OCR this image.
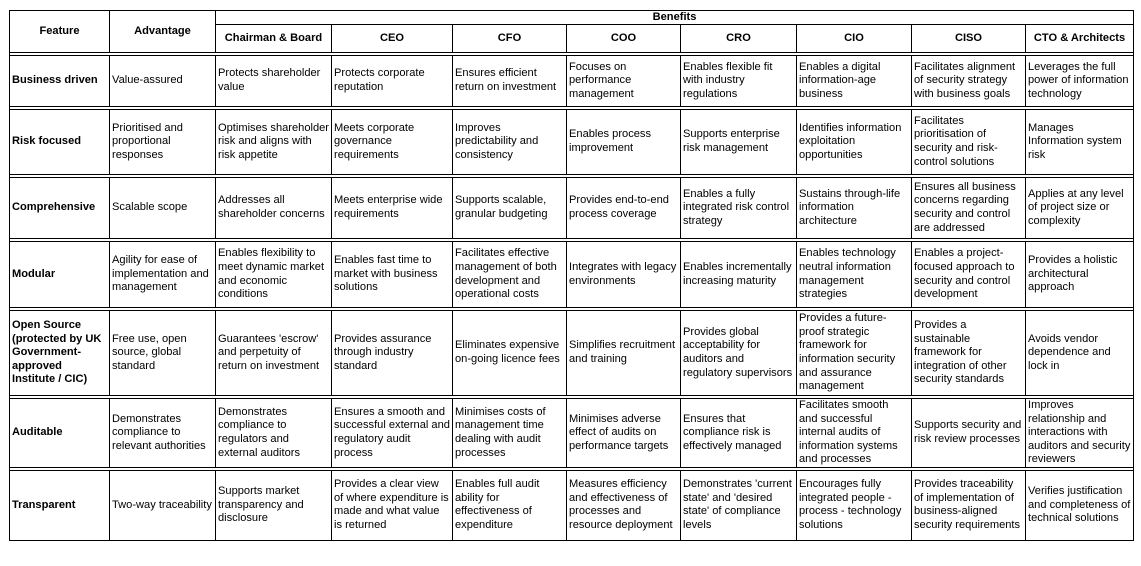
Feature	Advantage	Benefits							
		Chairman & Board	CEO	CFO	COO	CRO	CIO	CISO	CTO & Architects

Business driven	Value-assured	Protects shareholder value	Protects corporate reputation	Ensures efficient return on investment	Focuses on performance management	Enables flexible fit with industry regulations	Enables a digital information-age business	Facilitates alignment of security strategy with business goals	Leverages the full power of information technology

Risk focused	Prioritised and proportional responses	Optimises shareholder risk and aligns with risk appetite	Meets corporate governance requirements	Improves predictability and consistency	Enables process improvement	Supports enterprise risk management	Identifies information exploitation opportunities	Facilitates prioritisation of security and risk-control solutions	Manages Information system risk

Comprehensive	Scalable scope	Addresses all shareholder concerns	Meets enterprise wide requirements	Supports scalable, granular budgeting	Provides end-to-end process coverage	Enables a fully integrated risk control strategy	Sustains through-life information architecture	Ensures all business concerns regarding security and control are addressed	Applies at any level of project size or complexity

Modular	Agility for ease of implementation and management	Enables flexibility to meet dynamic market and economic conditions	Enables fast time to market with business solutions	Facilitates effective management of both development and operational costs	Integrates with legacy environments	Enables incrementally increasing maturity	Enables technology neutral information management strategies	Enables a project-focused approach to security and control development	Provides a holistic architectural approach

Open Source (protected by UK Government-approved Institute / CIC)	Free use, open source, global standard	Guarantees 'escrow' and perpetuity of return on investment	Provides assurance through industry standard	Eliminates expensive on-going licence fees	Simplifies recruitment and training	Provides global acceptability for auditors and regulatory supervisors	Provides a future-proof strategic framework for information security and assurance management	Provides a sustainable framework for integration of other security standards	Avoids vendor dependence and lock in

Auditable	Demonstrates compliance to relevant authorities	Demonstrates compliance to regulators and external auditors	Ensures a smooth and successful external and regulatory audit process	Minimises costs of management time dealing with audit processes	Minimises adverse effect of audits on performance targets	Ensures that compliance risk is effectively managed	Facilitates smooth and successful internal audits of information systems and processes	Supports security and risk review processes	Improves relationship and interactions with auditors and security reviewers

Transparent	Two-way traceability	Supports market transparency and disclosure	Provides a clear view of where expenditure is made and what value is returned	Enables full audit ability for effectiveness of expenditure	Measures efficiency and effectiveness of processes and resource deployment	Demonstrates 'current state' and 'desired state' of compliance levels	Encourages fully integrated people - process - technology solutions	Provides traceability of implementation of business-aligned security requirements	Verifies justification and completeness of technical solutions
